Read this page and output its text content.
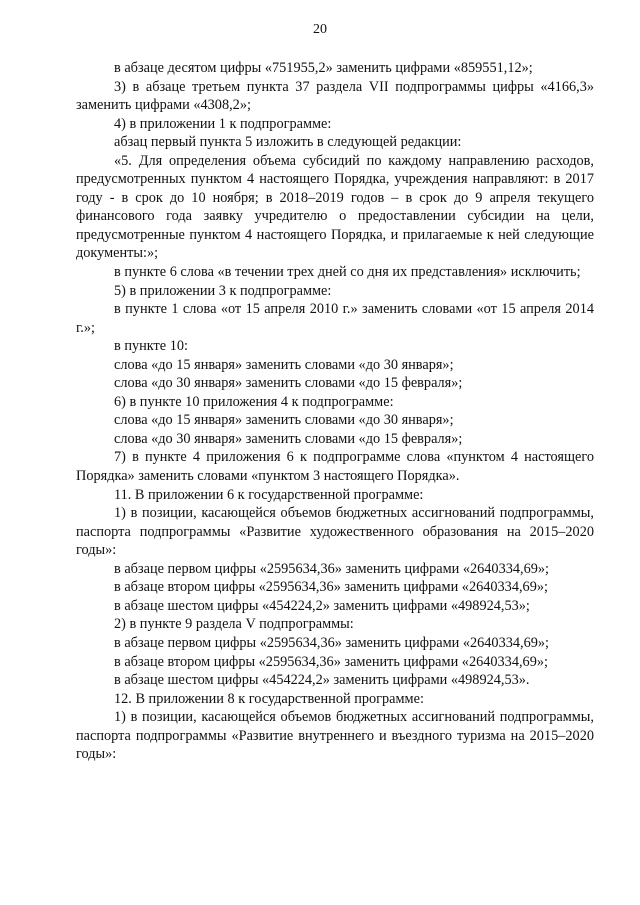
20

в абзаце десятом цифры «751955,2» заменить цифрами «859551,12»;

3) в абзаце третьем пункта 37 раздела VII подпрограммы цифры «4166,3» заменить цифрами «4308,2»;

4) в приложении 1 к подпрограмме:

абзац первый пункта 5 изложить в следующей редакции:

«5. Для определения объема субсидий по каждому направлению расходов, предусмотренных пунктом 4 настоящего Порядка, учреждения направляют: в 2017 году - в срок до 10 ноября; в 2018–2019 годов – в срок до 9 апреля текущего финансового года заявку учредителю о предоставлении субсидии на цели, предусмотренные пунктом 4 настоящего Порядка, и прилагаемые к ней следующие документы:»;

в пункте 6 слова «в течении трех дней со дня их представления» исключить;

5) в приложении 3 к подпрограмме:

в пункте 1 слова «от 15 апреля 2010 г.» заменить словами «от 15 апреля 2014 г.»;

в пункте 10:

слова «до 15 января» заменить словами «до 30 января»;

слова «до 30 января» заменить словами «до 15 февраля»;

6) в пункте 10 приложения 4 к подпрограмме:

слова «до 15 января» заменить словами «до 30 января»;

слова «до 30 января» заменить словами «до 15 февраля»;

7) в пункте 4 приложения 6 к подпрограмме слова «пунктом 4 настоящего Порядка» заменить словами «пунктом 3 настоящего Порядка».

11. В приложении 6 к государственной программе:

1) в позиции, касающейся объемов бюджетных ассигнований подпрограммы, паспорта подпрограммы «Развитие художественного образования на 2015–2020 годы»:

в абзаце первом цифры «2595634,36» заменить цифрами «2640334,69»;

в абзаце втором цифры «2595634,36» заменить цифрами «2640334,69»;

в абзаце шестом цифры «454224,2» заменить цифрами «498924,53»;

2) в пункте 9 раздела V подпрограммы:

в абзаце первом цифры «2595634,36» заменить цифрами «2640334,69»;

в абзаце втором цифры «2595634,36» заменить цифрами «2640334,69»;

в абзаце шестом цифры «454224,2» заменить цифрами «498924,53».

12. В приложении 8 к государственной программе:

1) в позиции, касающейся объемов бюджетных ассигнований подпрограммы, паспорта подпрограммы «Развитие внутреннего и въездного туризма на 2015–2020 годы»:
